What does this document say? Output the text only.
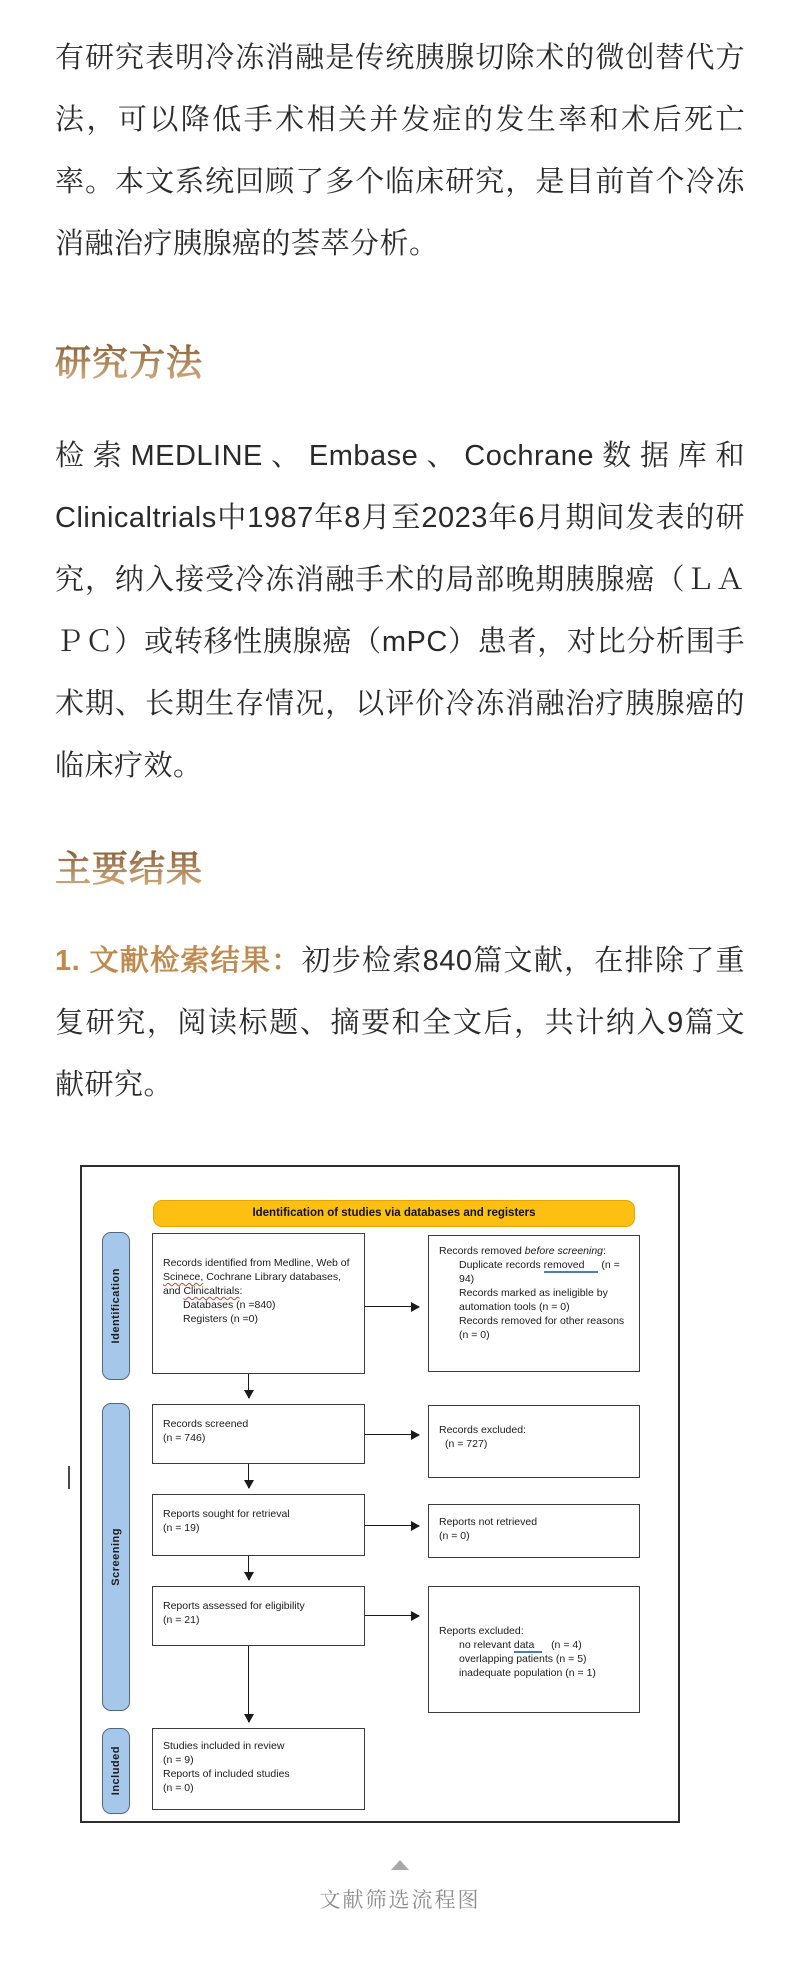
有研究表明冷冻消融是传统胰腺切除术的微创替代方法，可以降低手术相关并发症的发生率和术后死亡率。本文系统回顾了多个临床研究，是目前首个冷冻消融治疗胰腺癌的荟萃分析。

研究方法

检索MEDLINE、Embase、Cochrane数据库和Clinicaltrials中1987年8月至2023年6月期间发表的研究，纳入接受冷冻消融手术的局部晚期胰腺癌（ＬＡＰＣ）或转移性胰腺癌（mPC）患者，对比分析围手术期、长期生存情况，以评价冷冻消融治疗胰腺癌的临床疗效。

主要结果

1. 文献检索结果：初步检索840篇文献，在排除了重复研究，阅读标题、摘要和全文后，共计纳入9篇文献研究。

Identification of studies via databases and registers
Identification
Screening
Included
Records identified from Medline, Web of Scinece, Cochrane Library databases, and Clinicaltrials:
Databases (n =840)
Registers (n =0)
Records removed before screening:
Duplicate records removed (n = 94)
Records marked as ineligible by automation tools (n = 0)
Records removed for other reasons (n = 0)
Records screened
(n = 746)
Records excluded:
(n = 727)
Reports sought for retrieval
(n = 19)	Reports not retrieved
(n = 0)
Reports assessed for eligibility
(n = 21)
Reports excluded:
no relevant data   (n = 4)
overlapping patients (n = 5)
inadequate population (n = 1)
Studies included in review
(n = 9)
Reports of included studies
(n = 0)
文献筛选流程图
